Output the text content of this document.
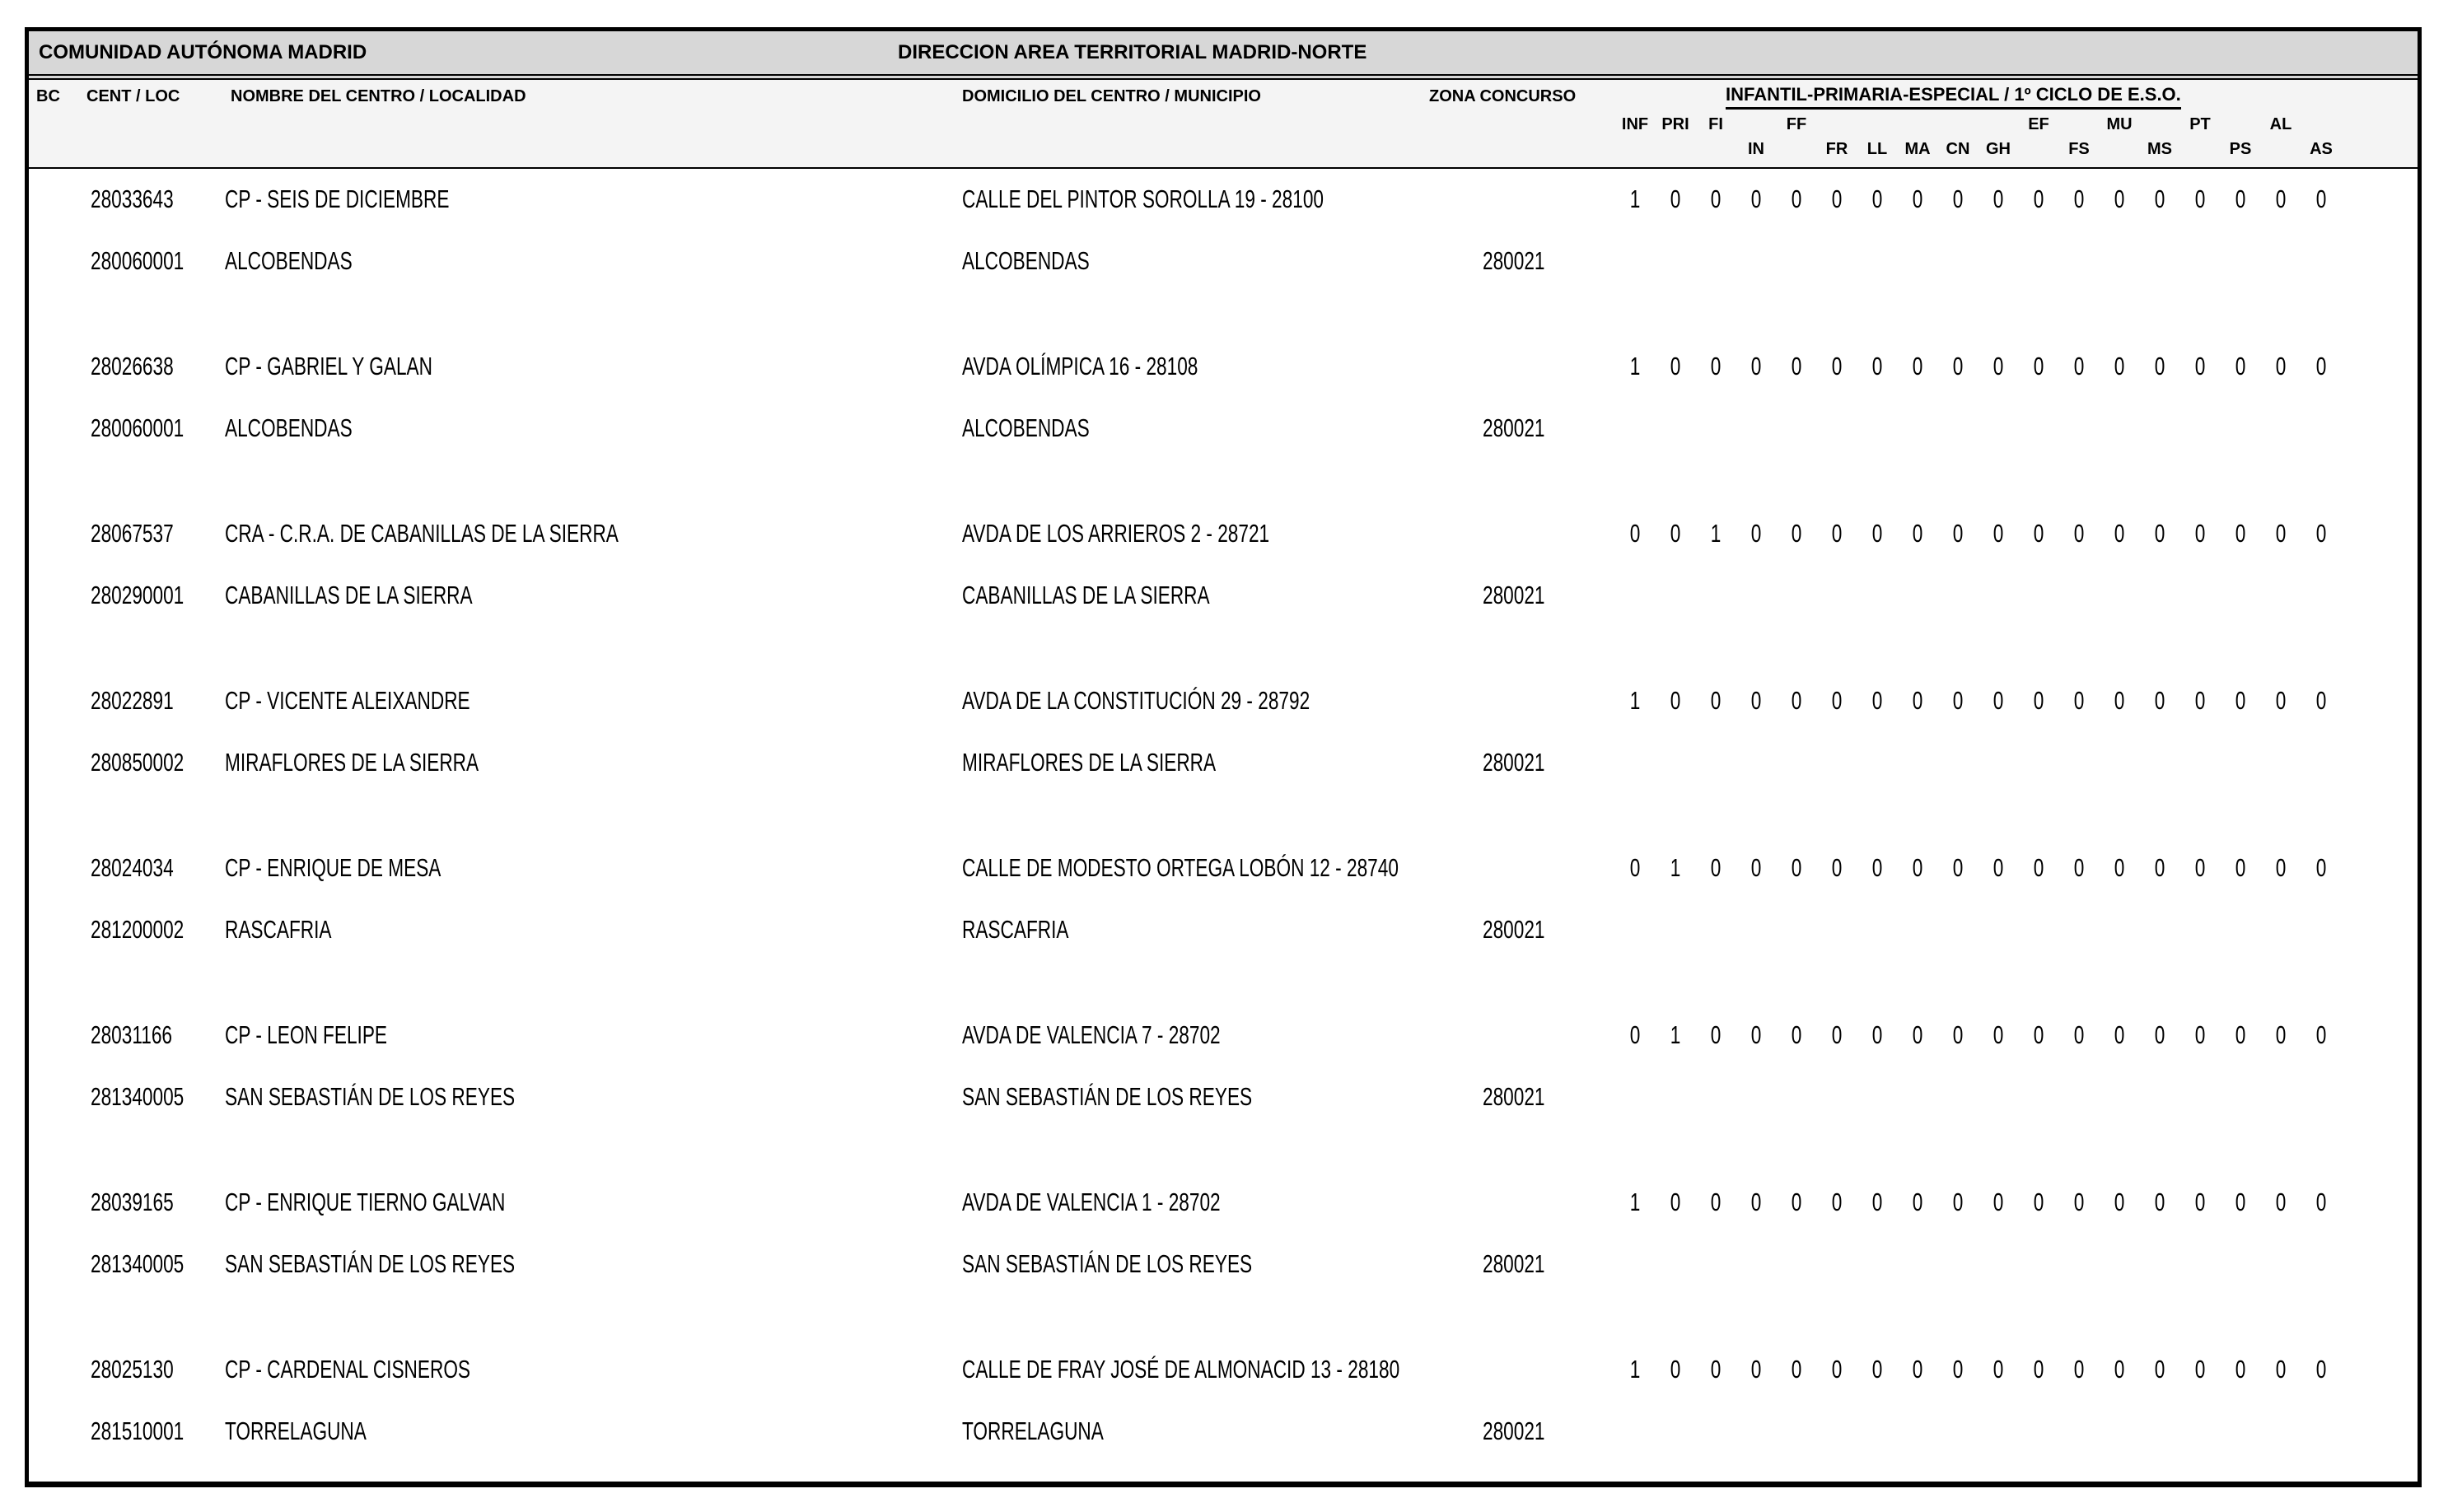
COMUNIDAD AUTÓNOMA MADRID	DIRECCION AREA TERRITORIAL MADRID-NORTE
BC CENT / LOC	NOMBRE DEL CENTRO / LOCALIDAD	DOMICILIO DEL CENTRO / MUNICIPIO	ZONA CONCURSO	INFANTIL-PRIMARIA-ESPECIAL / 1º CICLO DE E.S.O.
INF PRI	FI	FF	EF	MU	PT	AL
IN	FR	LL	MA CN GH	FS	MS	PS	AS
28033643 CP - SEIS DE DICIEMBRE	CALLE DEL PINTOR SOROLLA 19 - 28100	1	0	0	0	0	0	0	0	0	0	0	0	0	0	0	0	0	0
280060001 ALCOBENDAS	ALCOBENDAS	280021
28026638 CP - GABRIEL Y GALAN	AVDA OLÍMPICA 16 - 28108	1	0	0	0	0	0	0	0	0	0	0	0	0	0	0	0	0	0
280060001 ALCOBENDAS	ALCOBENDAS	280021
28067537 CRA - C.R.A. DE CABANILLAS DE LA SIERRA	AVDA DE LOS ARRIEROS 2 - 28721	0	0	1	0	0	0	0	0	0	0	0	0	0	0	0	0	0	0
280290001 CABANILLAS DE LA SIERRA	CABANILLAS DE LA SIERRA	280021
28022891 CP - VICENTE ALEIXANDRE	AVDA DE LA CONSTITUCIÓN 29 - 28792	1	0	0	0	0	0	0	0	0	0	0	0	0	0	0	0	0	0
280850002 MIRAFLORES DE LA SIERRA	MIRAFLORES DE LA SIERRA	280021
28024034 CP - ENRIQUE DE MESA	CALLE DE MODESTO ORTEGA LOBÓN 12 - 28740	0	1	0	0	0	0	0	0	0	0	0	0	0	0	0	0	0	0
281200002 RASCAFRIA	RASCAFRIA	280021
28031166 CP - LEON FELIPE	AVDA DE VALENCIA 7 - 28702	0	1	0	0	0	0	0	0	0	0	0	0	0	0	0	0	0	0
281340005 SAN SEBASTIÁN DE LOS REYES	SAN SEBASTIÁN DE LOS REYES	280021
28039165 CP - ENRIQUE TIERNO GALVAN	AVDA DE VALENCIA 1 - 28702	1	0	0	0	0	0	0	0	0	0	0	0	0	0	0	0	0	0
281340005 SAN SEBASTIÁN DE LOS REYES	SAN SEBASTIÁN DE LOS REYES	280021
28025130 CP - CARDENAL CISNEROS	CALLE DE FRAY JOSÉ DE ALMONACID 13 - 28180	1	0	0	0	0	0	0	0	0	0	0	0	0	0	0	0	0	0
281510001 TORRELAGUNA	TORRELAGUNA	280021
